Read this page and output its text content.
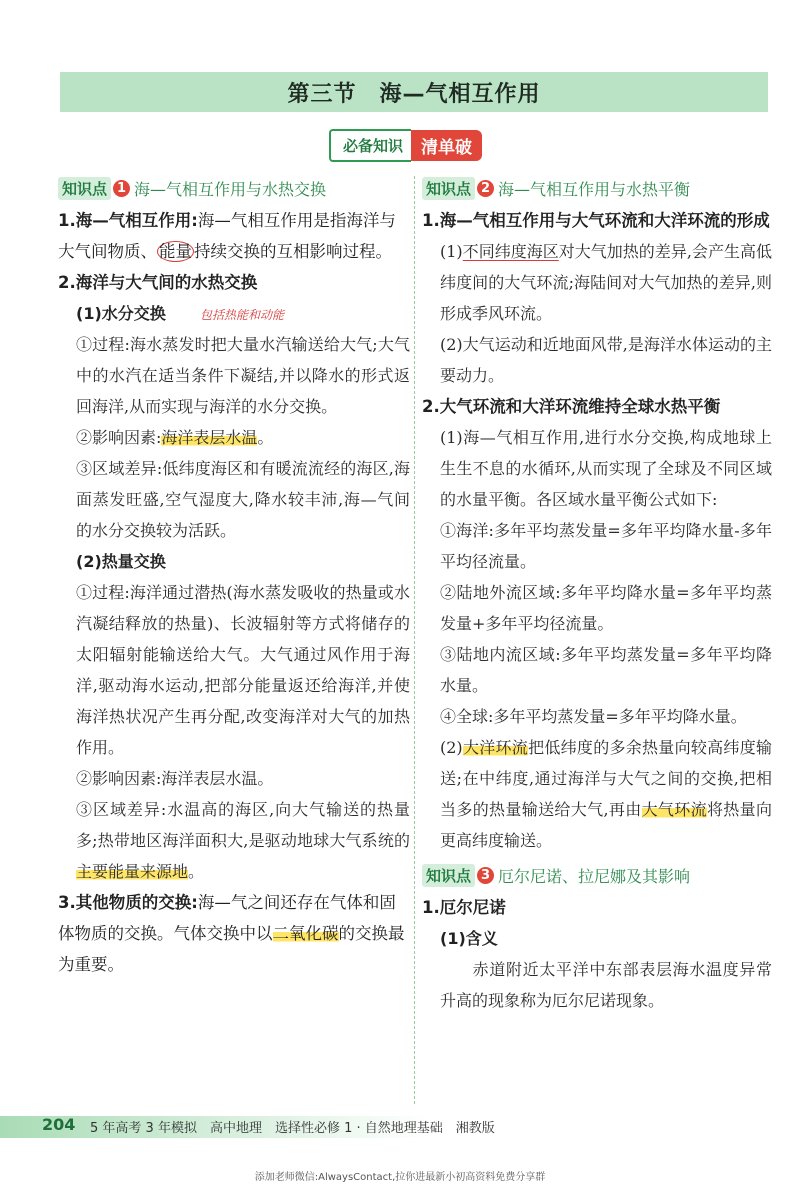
第三节　海—气相互作用
必备知识	清单破
知识点 1 海—气相互作用与水热交换
1.海—气相互作用:海—气相互作用是指海洋与大气间物质、 能量 持续交换的互相影响过程。
包括热能和动能
2.海洋与大气间的水热交换
(1)水分交换
①过程:海水蒸发时把大量水汽输送给大气;大气中的水汽在适当条件下凝结,并以降水的形式返回海洋,从而实现与海洋的水分交换。
②影响因素:海洋表层水温。
③区域差异:低纬度海区和有暖流流经的海区,海面蒸发旺盛,空气湿度大,降水较丰沛,海—气间的水分交换较为活跃。
(2)热量交换
①过程:海洋通过潜热(海水蒸发吸收的热量或水汽凝结释放的热量)、长波辐射等方式将储存的太阳辐射能输送给大气。大气通过风作用于海洋,驱动海水运动,把部分能量返还给海洋,并使海洋热状况产生再分配,改变海洋对大气的加热作用。
②影响因素:海洋表层水温。
③区域差异:水温高的海区,向大气输送的热量多;热带地区海洋面积大,是驱动地球大气系统的主要能量来源地。
3.其他物质的交换:海—气之间还存在气体和固体物质的交换。气体交换中以二氧化碳的交换最为重要。
知识点 2 海—气相互作用与水热平衡
1.海—气相互作用与大气环流和大洋环流的形成
(1)不同纬度海区对大气加热的差异,会产生高低纬度间的大气环流;海陆间对大气加热的差异,则形成季风环流。
(2)大气运动和近地面风带,是海洋水体运动的主要动力。
2.大气环流和大洋环流维持全球水热平衡
(1)海—气相互作用,进行水分交换,构成地球上生生不息的水循环,从而实现了全球及不同区域的水量平衡。各区域水量平衡公式如下:
①海洋:多年平均蒸发量=多年平均降水量-多年平均径流量。
②陆地外流区域:多年平均降水量=多年平均蒸发量+多年平均径流量。
③陆地内流区域:多年平均蒸发量=多年平均降水量。
④全球:多年平均蒸发量=多年平均降水量。
(2)大洋环流把低纬度的多余热量向较高纬度输送;在中纬度,通过海洋与大气之间的交换,把相当多的热量输送给大气,再由大气环流将热量向更高纬度输送。
知识点 3 厄尔尼诺、拉尼娜及其影响
1.厄尔尼诺
(1)含义
赤道附近太平洋中东部表层海水温度异常升高的现象称为厄尔尼诺现象。
204 5 年高考 3 年模拟　高中地理　选择性必修 1 · 自然地理基础　湘教版
添加老师微信:AlwaysContact,拉你进最新小初高资料免费分享群
